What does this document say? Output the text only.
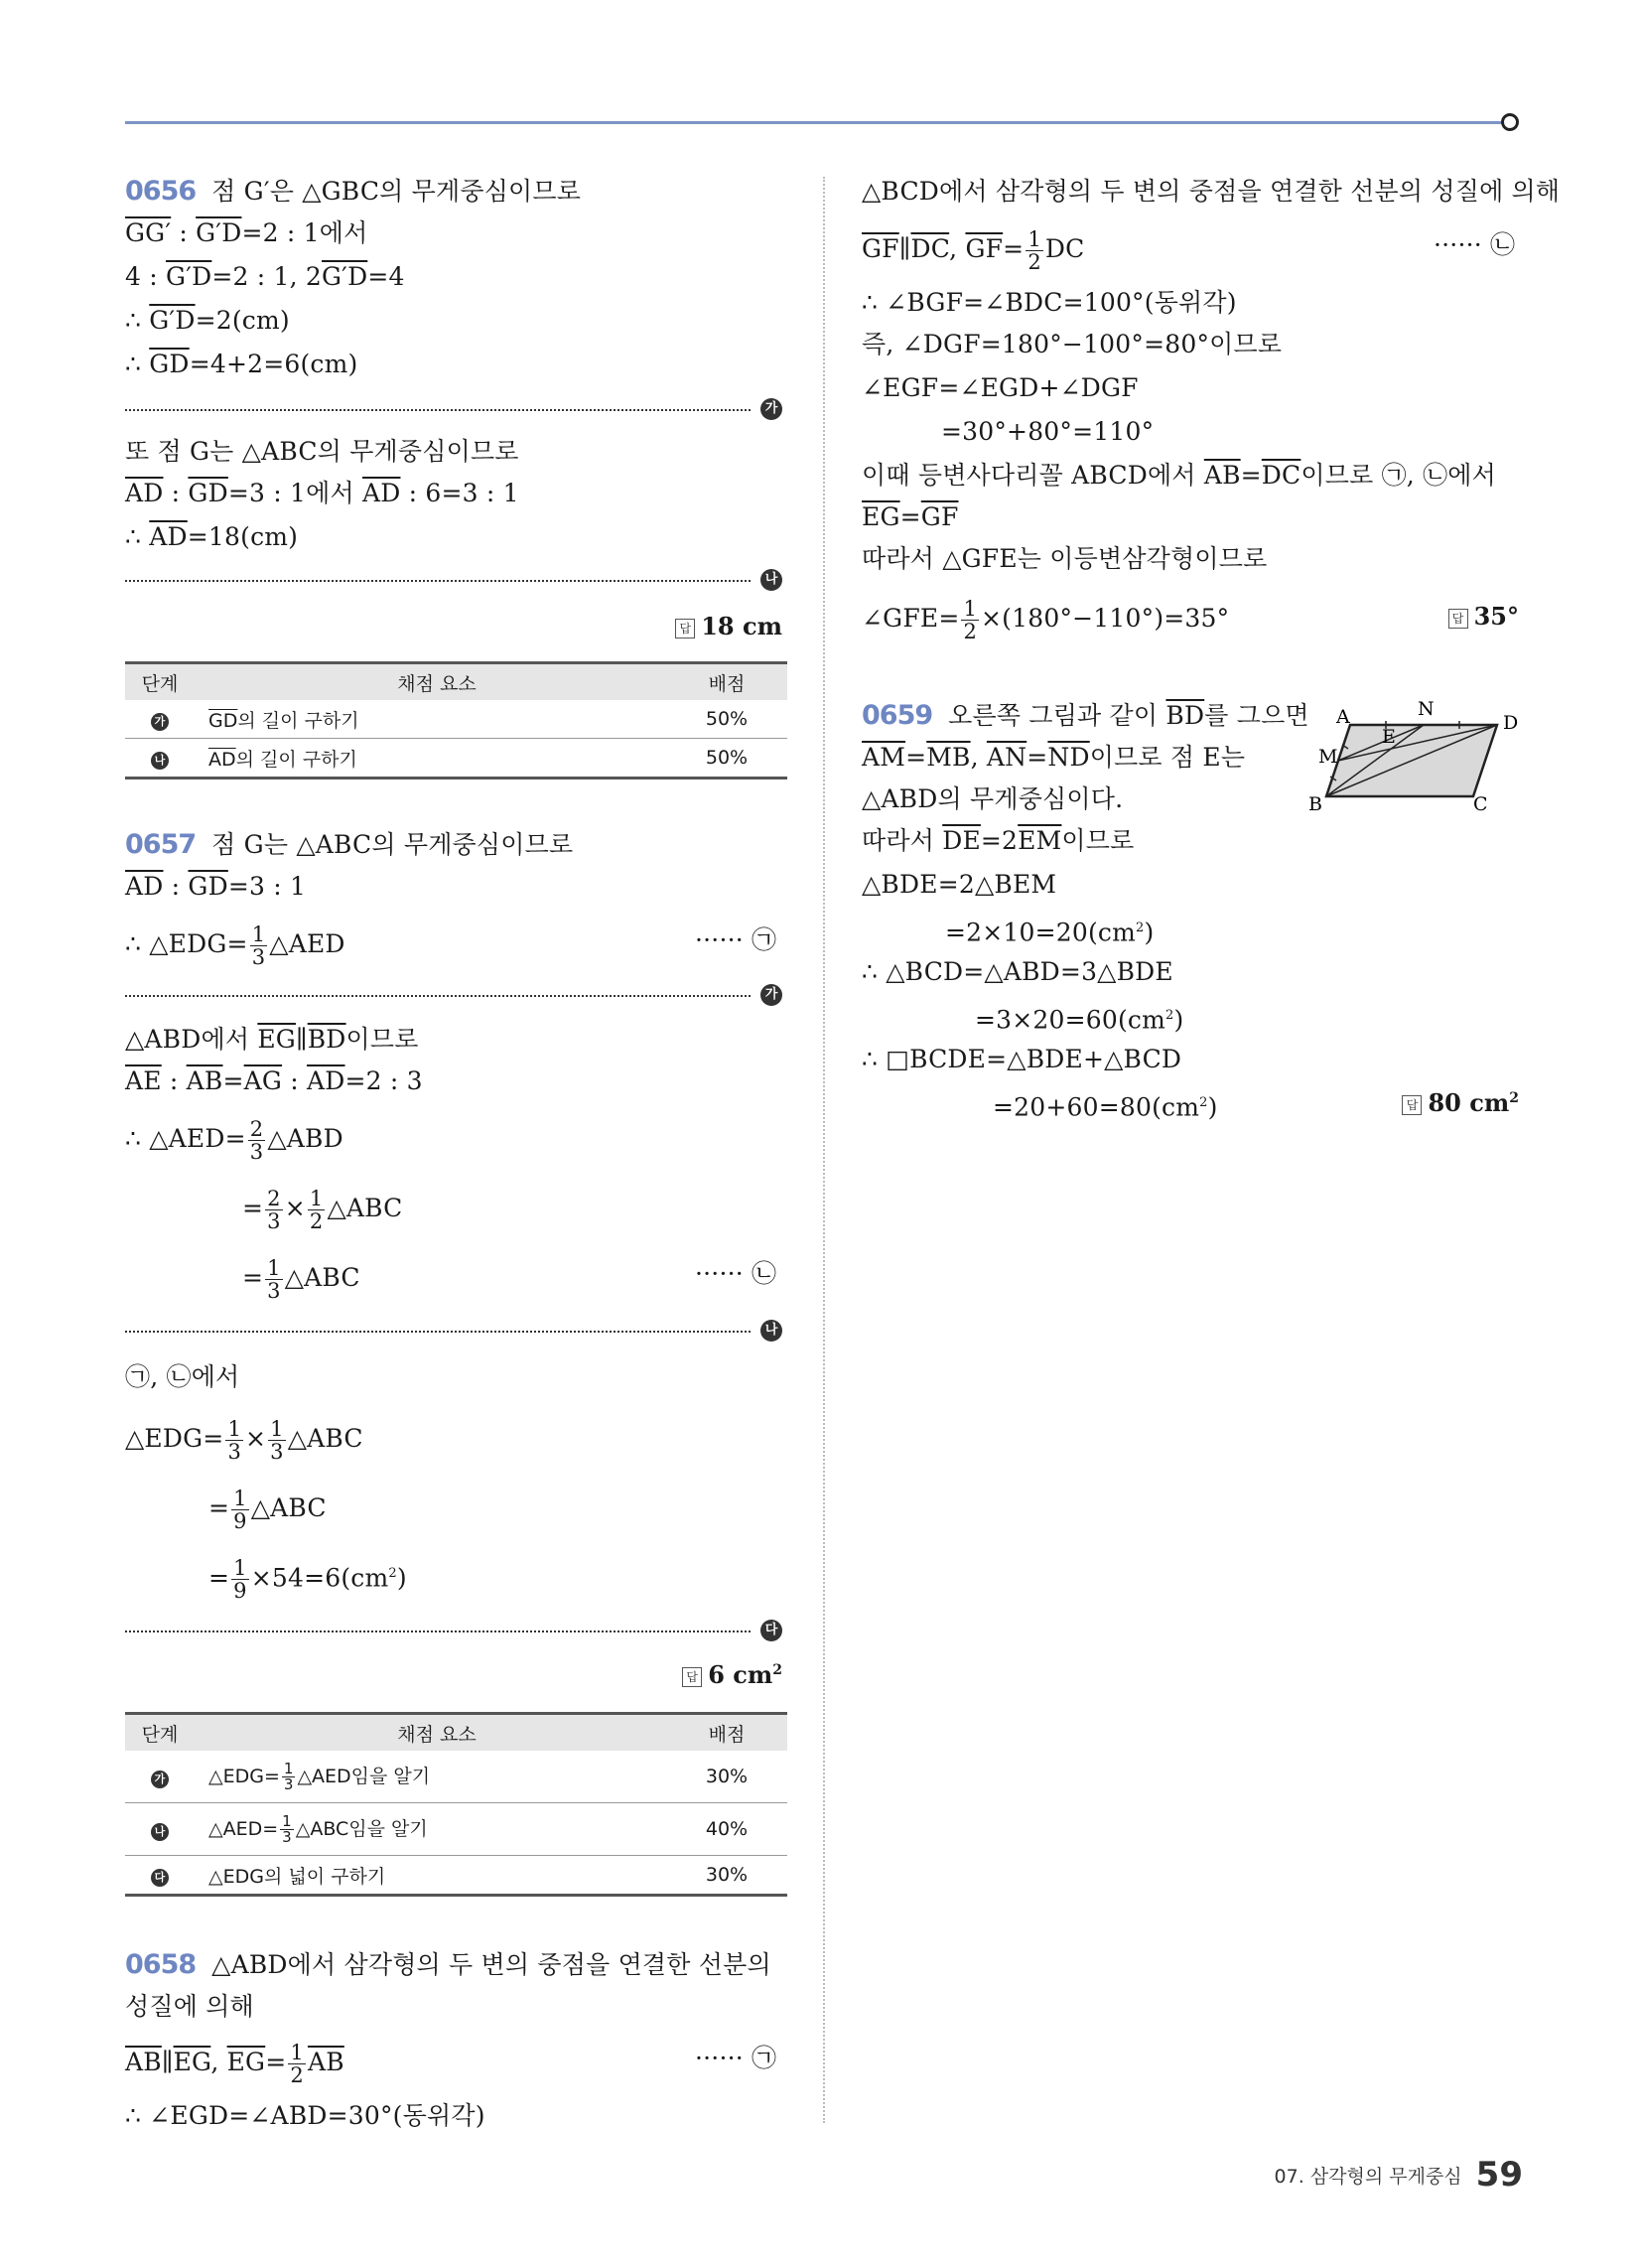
0656 점 G′은 △GBC의 무게중심이므로
GG′ : G′D=2 : 1에서
4 : G′D=2 : 1, 2G′D=4
∴ G′D=2(cm)
∴ $\overline{GD}=4+2=6(cm)$
가
또 점 G는 △ABC의 무게중심이므로
$\overline{AD}$ : $\overline{GD}=3$ : 1에서 $\overline{AD}$ : 6=3 : 1
∴ $\overline{AD}=18(cm)$
나
답 18 cm
단계	채점 요소	배점
가	$\overline{GD}$의 길이 구하기	50%
나	$\overline{AD}$의 길이 구하기	50%
0657 점 G는 △ABC의 무게중심이므로
$\overline{AD}$ : $\overline{GD}=3$ : 1
∴ △EDG= $\frac{1}{3}$ △AED	······ ㉠
가
△ABD에서 $\overline{EG}\parallel\overline{BD}$이므로
$\overline{AE}$ : $\overline{AB}=\overline{AG}$ : $\overline{AD}=2$ : 3
∴ △AED= $\frac{2}{3}$ △ABD
= $\frac{2}{3} \times \frac{1}{2}$ △ABC
= $\frac{1}{3}$ △ABC	······ ㉡
나
㉠, ㉡에서
△EDG= $\frac{1}{3} \times \frac{1}{3}$ △ABC
= $\frac{1}{9}$ △ABC
= $\frac{1}{9} \times 54=6(cm^2)$
다
답 6 $cm^2$
단계	채점 요소	배점
가	△EDG= $\frac{1}{3}$ △AED임을 알기	30%
나	△AED= $\frac{1}{3}$ △ABC임을 알기	40%
다	△EDG의 넓이 구하기	30%
0658 △ABD에서 삼각형의 두 변의 중점을 연결한 선분의
성질에 의해
$\overline{AB}\parallel\overline{EG}$, $\overline{EG}= \frac{1}{2} \overline{AB}$	······ ㉠
∴ ∠EGD=∠ABD=30°(동위각)
△BCD에서 삼각형의 두 변의 중점을 연결한 선분의 성질에 의해
$\overline{GF}\parallel\overline{DC}$, $\overline{GF}= \frac{1}{2}$ DC	······ ㉡
∴ ∠BGF=∠BDC=100°(동위각)
즉, ∠DGF=180°−100°=80°이므로
∠EGF=∠EGD+∠DGF
=30°+80°=110°
이때 등변사다리꼴 ABCD에서 $\overline{AB}=\overline{DC}$이므로 ㉠, ㉡에서
$\overline{EG}=\overline{GF}$
따라서 △GFE는 이등변삼각형이므로
∠GFE= $\frac{1}{2} \times(180^\circ-110^\circ)=35^\circ$	답 35°
0659 오른쪽 그림과 같이 $\overline{BD}$를 그으면
$\overline{AM}=\overline{MB}$, $\overline{AN}=\overline{ND}$이므로 점 E는
△ABD의 무게중심이다.
따라서 $\overline{DE}=2\overline{EM}$이므로
△BDE=2△BEM
$=2\times 10=20(cm^2)$
∴ △BCD=△ABD=3△BDE
$=3\times 20=60(cm^2)$
∴ □BCDE=△BDE+△BCD
$=20+60=80(cm^2)$	답 80 $cm^2$
A	N
D
E
M
B	C
07. 삼각형의 무게중심 59
